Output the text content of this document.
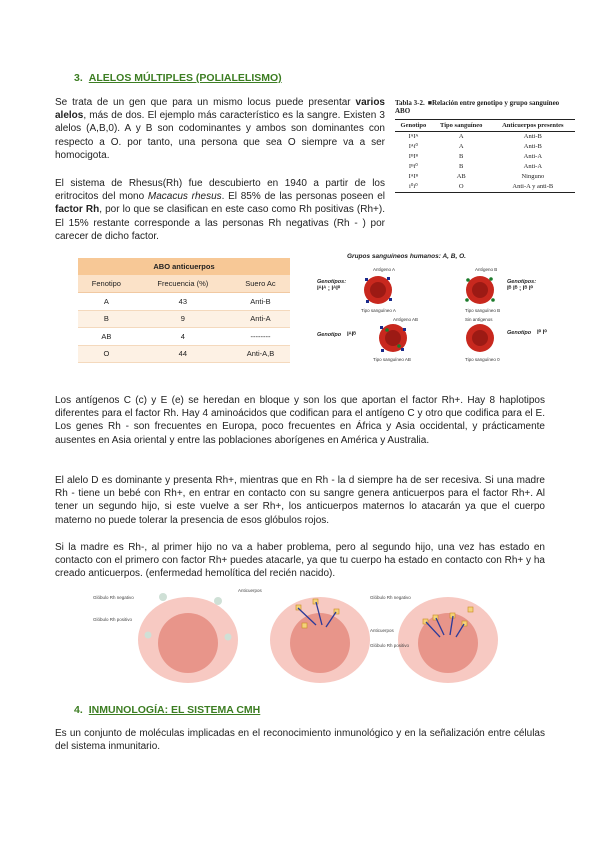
3. ALELOS MÚLTIPLES (POLIALELISMO)
Se trata de un gen que para un mismo locus puede presentar varios alelos, más de dos. El ejemplo más característico es la sangre. Existen 3 alelos (A,B,0). A y B son codominantes y ambos son dominantes con respecto a O. por tanto, una persona que sea O siempre va a ser homocigota.
El sistema de Rhesus(Rh) fue descubierto en 1940 a partir de los eritrocitos del mono Macacus rhesus. El 85% de las personas poseen el factor Rh, por lo que se clasifican en este caso como Rh positivas (Rh+). El 15% restante corresponde a las personas Rh negativas (Rh - ) por carecer de dicho factor.
Tabla 3-2. ■Relación entre genotipo y grupo sanguíneo ABO
Genotipo	Tipo sanguíneo	Anticuerpos presentes
IᴬIᴬ	A	Anti-B
Iᴬi⁰	A	Anti-B
IᴮIᴮ	B	Anti-A
Iᴮi⁰	B	Anti-A
IᴬIᴮ	AB	Ninguno
i⁰i⁰	O	Anti-A y anti-B
ABO anticuerpos		
Fenotipo	Frecuencia (%)	Suero Ac
A	43	Anti-B
B	9	Anti-A
AB	4	--------
O	44	Anti-A,B
Grupos sanguíneos humanos: A, B, O.
Genotipos:
IᴬIᴬ ; IᴬI⁰
Antígeno A
Tipo sanguíneo A
Antígeno B
Tipo sanguíneo B
Genotipos:
Iᴮ Iᴮ ; Iᴮ I⁰
Genotipo IᴬIᴮ
Antígeno AB
Tipo sanguíneo AB
Sin antígenos
Tipo sanguíneo 0
Genotipo I⁰ I⁰
Los antígenos C (c) y E (e) se heredan en bloque y son los que aportan el factor Rh+. Hay 8 haplotipos diferentes para el factor Rh. Hay 4 aminoácidos que codifican para el antígeno C y otro que codifica para el E. Los genes Rh - son frecuentes en Europa, poco frecuentes en África y Asia occidental, y prácticamente ausentes en Asia oriental y entre las poblaciones aborígenes en América y Australia.
El alelo D es dominante y presenta Rh+, mientras que en Rh - la d siempre ha de ser recesiva. Si una madre Rh - tiene un bebé con Rh+, en entrar en contacto con su sangre genera anticuerpos para el factor Rh+. Al tener un segundo hijo, si este vuelve a ser Rh+, los anticuerpos maternos lo atacarán ya que el cuerpo materno no puede tolerar la presencia de esos glóbulos rojos.
Si la madre es Rh-, al primer hijo no va a haber problema, pero al segundo hijo, una vez has estado en contacto con el primero con factor Rh+ puedes atacarle, ya que tu cuerpo ha estado en contacto con Rh+ y ha creado anticuerpos. (enfermedad hemolítica del recién nacido).
Glóbulo Rh negativo
Glóbulo Rh positivo
Anticuerpos
Glóbulo Rh negativo
Anticuerpos
Glóbulo Rh positivo
4. INMUNOLOGÍA: EL SISTEMA CMH
Es un conjunto de moléculas implicadas en el reconocimiento inmunológico y en la señalización entre células del sistema inmunitario.
